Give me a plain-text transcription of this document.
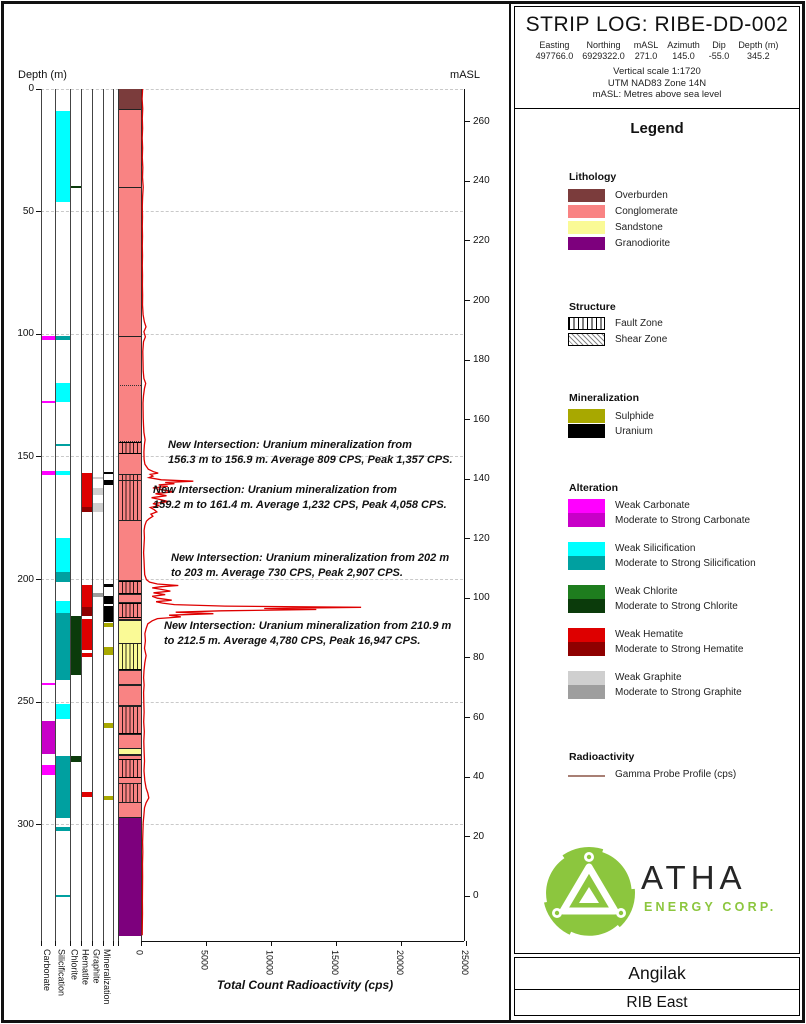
Depth (m)	mASL
Total Count Radioactivity (cps)
0
50
100
150
200
250
300
260
240
220
200
180
160
140
120
100
80
60
40
20
0
Carbonate Silicification Chlorite Hematite Graphite Mineralization	0	5000	10000	15000	20000	25000
New Intersection: Uranium mineralization from
156.3 m to 156.9 m. Average 809 CPS, Peak 1,357 CPS.
New Intersection: Uranium mineralization from
159.2 m to 161.4 m. Average 1,232 CPS, Peak 4,058 CPS.
New Intersection: Uranium mineralization from 202 m
to 203 m. Average 730 CPS, Peak 2,907 CPS.
New Intersection: Uranium mineralization from 210.9 m
to 212.5 m. Average 4,780 CPS, Peak 16,947 CPS.
STRIP LOG: RIBE-DD-002
Easting
497766.0
Northing
6929322.0
mASL
271.0
Azimuth
145.0
Dip
-55.0
Depth (m)
345.2
Vertical scale 1:1720
UTM NAD83 Zone 14N
mASL: Metres above sea level
Legend
Lithology
Overburden
Conglomerate
Sandstone
Granodiorite
Structure
Fault Zone
Shear Zone
Mineralization
Sulphide
Uranium
Alteration
Weak Carbonate
Moderate to Strong Carbonate
Weak Silicification
Moderate to Strong Silicification
Weak Chlorite
Moderate to Strong Chlorite
Weak Hematite
Moderate to Strong Hematite
Weak Graphite
Moderate to Strong Graphite
Radioactivity
Gamma Probe Profile (cps)
ATHA
ENERGY CORP.
Angilak
RIB East
